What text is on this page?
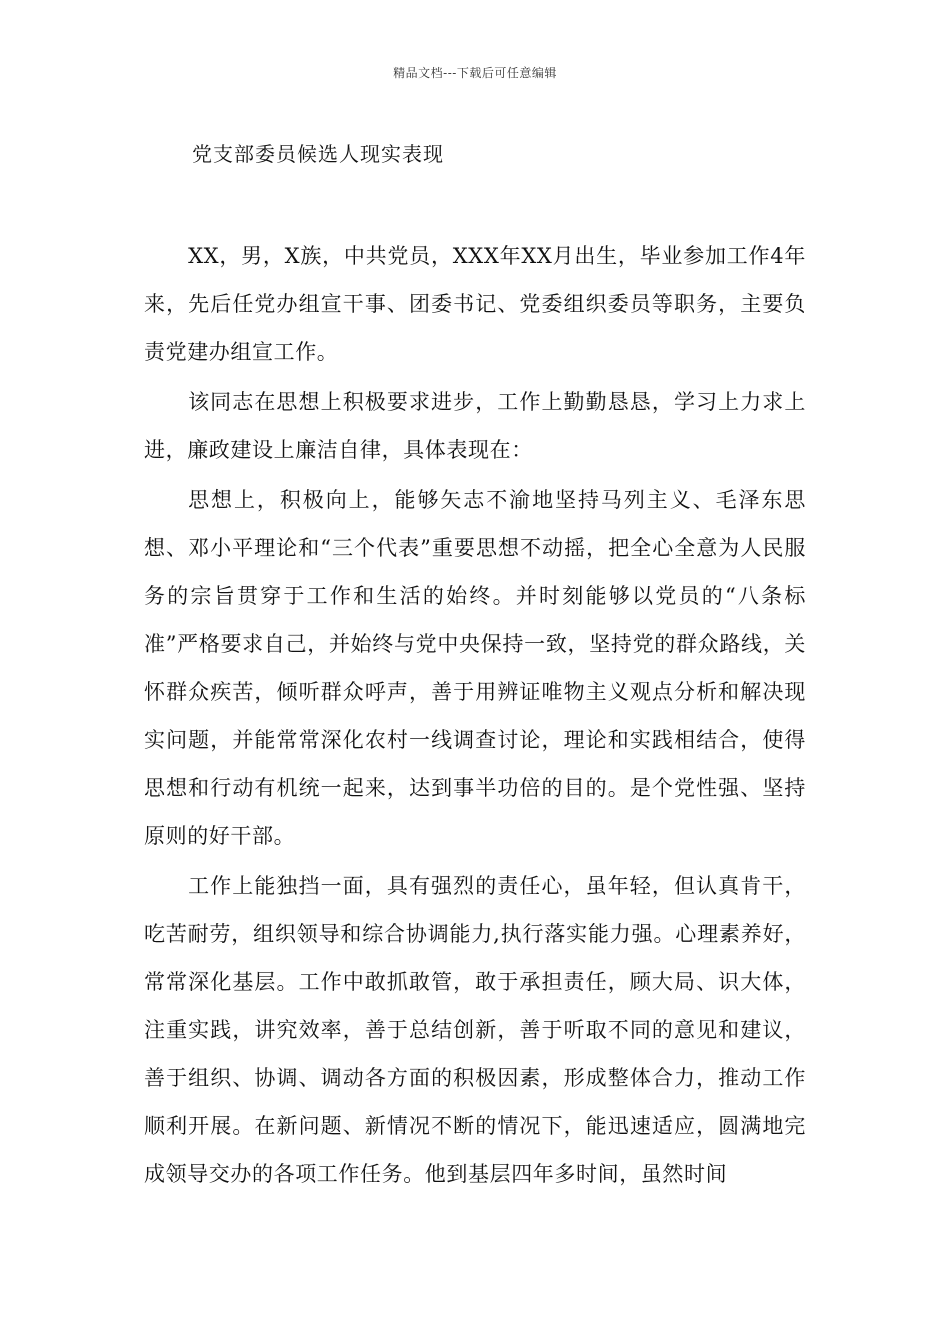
精品文档---下载后可任意编辑
党支部委员候选人现实表现

XX，男，X族，中共党员，XXX年XX月出生，毕业参加工作4年来，先后任党办组宣干事、团委书记、党委组织委员等职务，主要负责党建办组宣工作。

该同志在思想上积极要求进步，工作上勤勤恳恳，学习上力求上进，廉政建设上廉洁自律，具体表现在：

思想上，积极向上，能够矢志不渝地坚持马列主义、毛泽东思想、邓小平理论和“三个代表”重要思想不动摇，把全心全意为人民服务的宗旨贯穿于工作和生活的始终。并时刻能够以党员的“八条标准”严格要求自己，并始终与党中央保持一致，坚持党的群众路线，关怀群众疾苦，倾听群众呼声，善于用辨证唯物主义观点分析和解决现实问题，并能常常深化农村一线调查讨论，理论和实践相结合，使得思想和行动有机统一起来，达到事半功倍的目的。是个党性强、坚持原则的好干部。

工作上能独挡一面，具有强烈的责任心，虽年轻，但认真肯干，吃苦耐劳，组织领导和综合协调能力,执行落实能力强。心理素养好，常常深化基层。工作中敢抓敢管，敢于承担责任，顾大局、识大体，注重实践，讲究效率，善于总结创新，善于听取不同的意见和建议，善于组织、协调、调动各方面的积极因素，形成整体合力，推动工作顺利开展。在新问题、新情况不断的情况下，能迅速适应，圆满地完成领导交办的各项工作任务。他到基层四年多时间，虽然时间
